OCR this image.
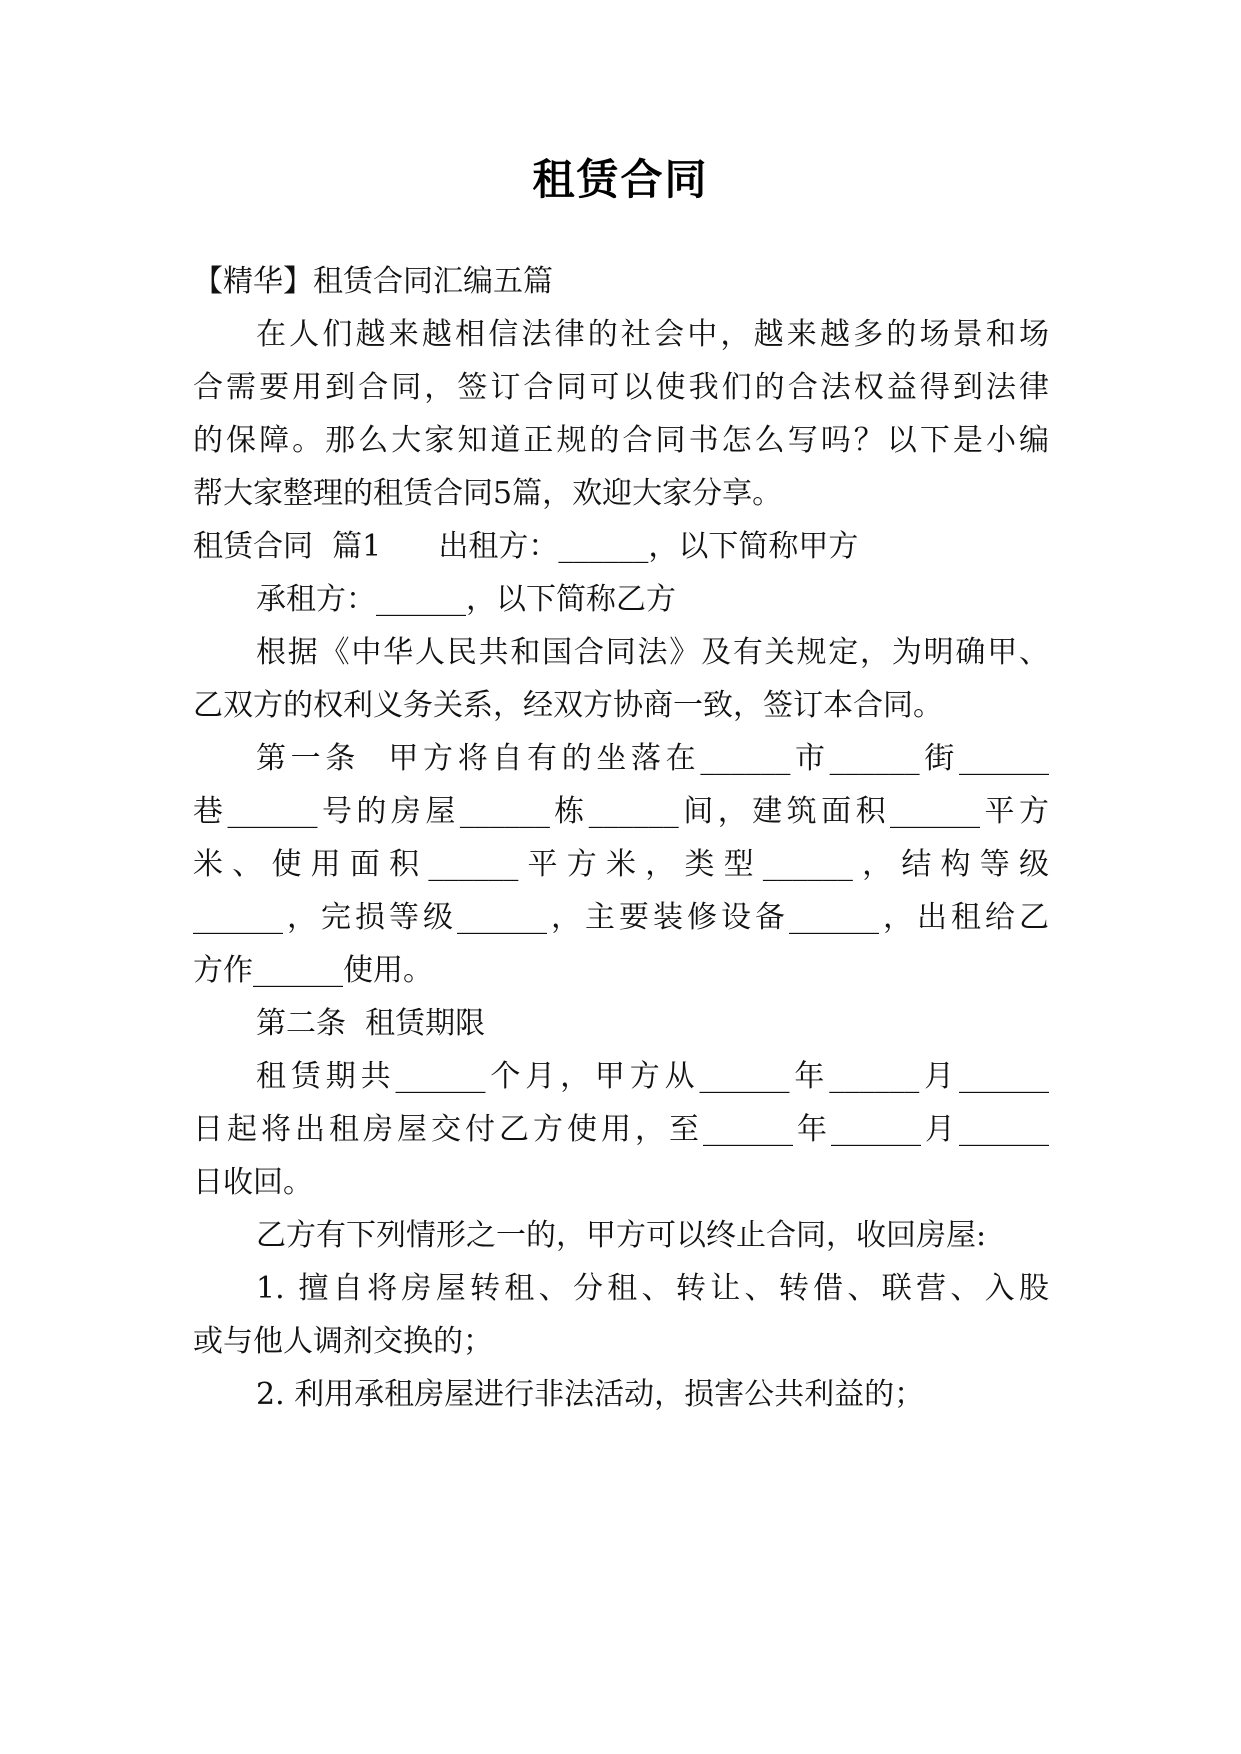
租赁合同
【精华】租赁合同汇编五篇
在人们越来越相信法律的社会中，越来越多的场景和场
合需要用到合同，签订合同可以使我们的合法权益得到法律
的保障。那么大家知道正规的合同书怎么写吗？以下是小编
帮大家整理的租赁合同5篇，欢迎大家分享。
租赁合同  篇1      出租方：______，以下简称甲方
承租方：______，以下简称乙方
根据《中华人民共和国合同法》及有关规定，为明确甲、
乙双方的权利义务关系，经双方协商一致，签订本合同。
第一条  甲方将自有的坐落在______市______街______
巷______号的房屋______栋______间，建筑面积______平方
米、使用面积______平方米，类型______，结构等级
______，完损等级______，主要装修设备______，出租给乙
方作______使用。
第二条  租赁期限
租赁期共______个月，甲方从______年______月______
日起将出租房屋交付乙方使用，至______年______月______
日收回。
乙方有下列情形之一的，甲方可以终止合同，收回房屋:
1. 擅自将房屋转租、分租、转让、转借、联营、入股
或与他人调剂交换的；
2. 利用承租房屋进行非法活动，损害公共利益的；
